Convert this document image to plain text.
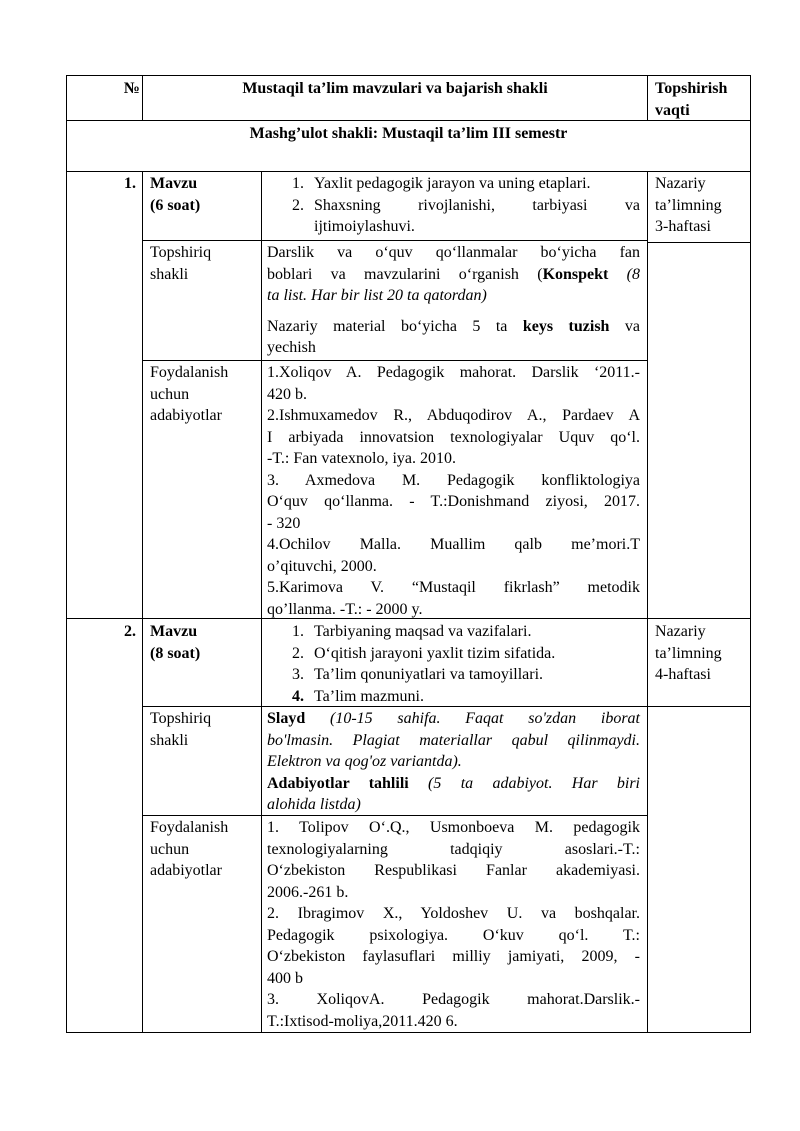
№	Mustaqil ta’lim mavzulari va bajarish shakli	Topshirish
vaqti
Mashg’ulot shakli: Mustaqil ta’lim III semestr
1. Mavzu
(6 soat)
1. Yaxlit pedagogik jarayon va uning etaplari.
2. Shaxsning rivojlanishi, tarbiyasi va
ijtimoiylashuvi.
Nazariy
ta’limning
3-haftasi
Topshiriq
shakli
Darslik va o‘quv qo‘llanmalar bo‘yicha fan
boblari va mavzularini o‘rganish (Konspekt (8
ta list. Har bir list 20 ta qatordan)
Nazariy material bo‘yicha 5 ta keys tuzish va
yechish
Foydalanish
uchun
adabiyotlar
1.Xoliqov A. Pedagogik mahorat. Darslik ‘2011.-
420 b.
2.Ishmuxamedov R., Abduqodirov A., Pardaev A
I arbiyada innovatsion texnologiyalar Uquv qo‘l.
-T.: Fan vatexnolo, iya. 2010.
3. Axmedova M. Pedagogik konfliktologiya
O‘quv qo‘llanma. - T.:Donishmand ziyosi, 2017.
- 320
4.Ochilov Malla. Muallim qalb me’mori.T
o’qituvchi, 2000.
5.Karimova V. “Mustaqil fikrlash” metodik
qo’llanma. -T.: - 2000 y.
2. Mavzu
(8 soat)
1. Tarbiyaning maqsad va vazifalari.
2. O‘qitish jarayoni yaxlit tizim sifatida.
3. Ta’lim qonuniyatlari va tamoyillari.
4. Ta’lim mazmuni.
Nazariy
ta’limning
4-haftasi
Topshiriq
shakli
Slayd (10-15 sahifa. Faqat so'zdan iborat
bo'lmasin. Plagiat materiallar qabul qilinmaydi.
Elektron va qog'oz variantda).
Adabiyotlar tahlili (5 ta adabiyot. Har biri
alohida listda)
Foydalanish
uchun
adabiyotlar
1. Tolipov O‘.Q., Usmonboeva M. pedagogik
texnologiyalarning tadqiqiy asoslari.-T.:
O‘zbekiston Respublikasi Fanlar akademiyasi.
2006.-261 b.
2. Ibragimov X., Yoldoshev U. va boshqalar.
Pedagogik psixologiya. O‘kuv qo‘l. T.:
O‘zbekiston faylasuflari milliy jamiyati, 2009, -
400 b
3. XoliqovA. Pedagogik mahorat.Darslik.-
T.:Ixtisod-moliya,2011.420 6.
